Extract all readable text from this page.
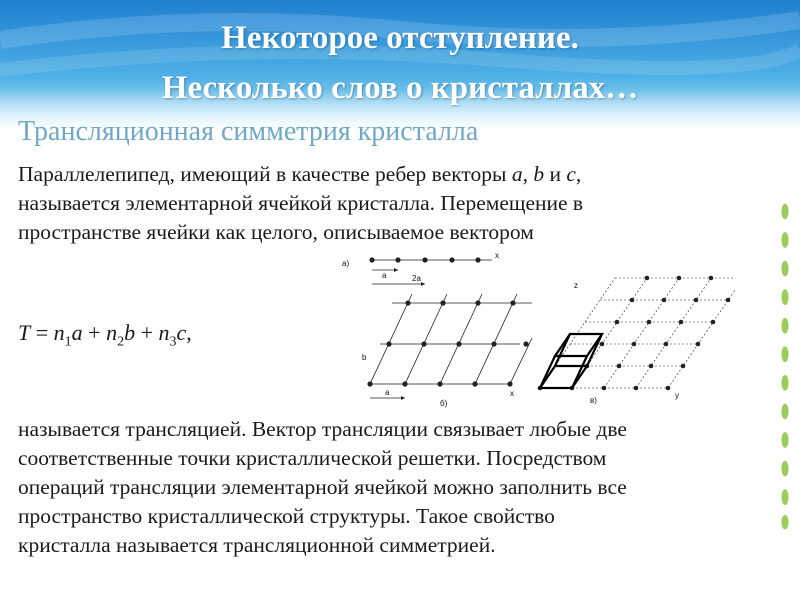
Некоторое отступление.
Несколько слов о кристаллах…
Трансляционная симметрия кристалла
Параллелепипед, имеющий в качестве ребер векторы a, b и c,
называется элементарной ячейкой кристалла. Перемещение в
пространстве ячейки как целого, описываемое вектором
$T = n_1a + n_2b + n_3c$,
а)
x
a	2a
a
b
б)
x
z
в)
y
называется трансляцией. Вектор трансляции связывает любые две
соответственные точки кристаллической решетки. Посредством
операций трансляции элементарной ячейкой можно заполнить все
пространство кристаллической структуры. Такое свойство
кристалла называется трансляционной симметрией.
